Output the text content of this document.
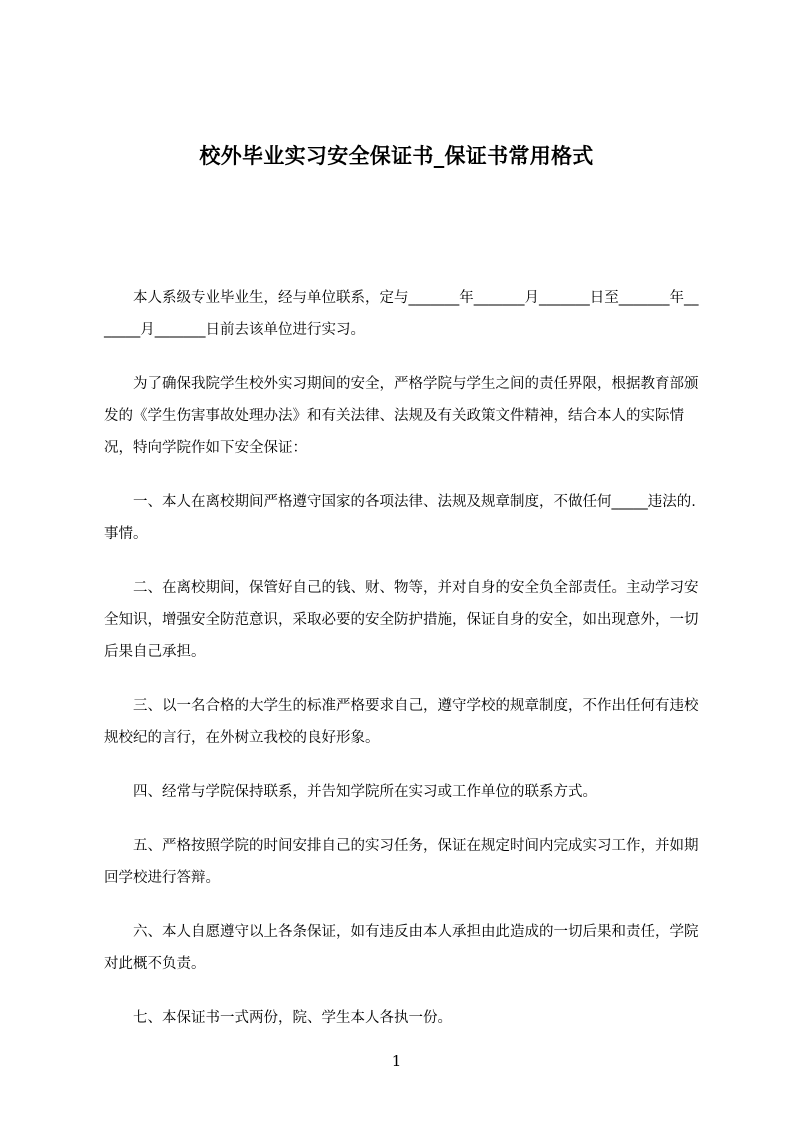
校外毕业实习安全保证书_保证书常用格式

本人系级专业毕业生，经与单位联系，定与_______年_______月_______日至_______年_______月_______日前去该单位进行实习。

为了确保我院学生校外实习期间的安全，严格学院与学生之间的责任界限，根据教育部颁发的《学生伤害事故处理办法》和有关法律、法规及有关政策文件精神，结合本人的实际情况，特向学院作如下安全保证：

一、本人在离校期间严格遵守国家的各项法律、法规及规章制度，不做任何_____违法的. 事情。

二、在离校期间，保管好自己的钱、财、物等，并对自身的安全负全部责任。主动学习安全知识，增强安全防范意识，采取必要的安全防护措施，保证自身的安全，如出现意外，一切后果自己承担。

三、以一名合格的大学生的标准严格要求自己，遵守学校的规章制度，不作出任何有违校规校纪的言行，在外树立我校的良好形象。

四、经常与学院保持联系，并告知学院所在实习或工作单位的联系方式。

五、严格按照学院的时间安排自己的实习任务，保证在规定时间内完成实习工作，并如期回学校进行答辩。

六、本人自愿遵守以上各条保证，如有违反由本人承担由此造成的一切后果和责任，学院对此概不负责。

七、本保证书一式两份，院、学生本人各执一份。

1
